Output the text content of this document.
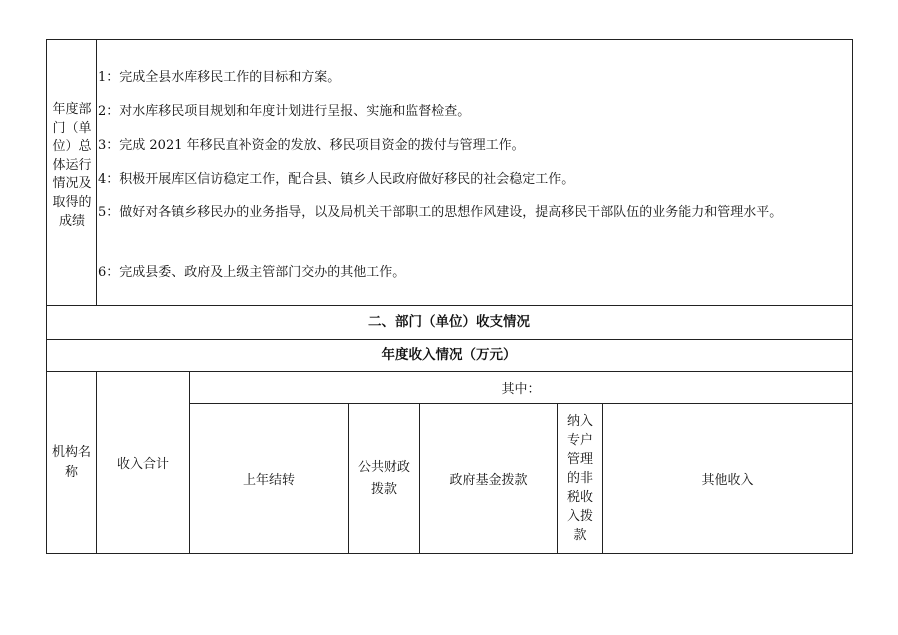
年度部门（单位）总体运行情况及取得的成绩
1：完成全县水库移民工作的目标和方案。
2：对水库移民项目规划和年度计划进行呈报、实施和监督检查。
3：完成 2021 年移民直补资金的发放、移民项目资金的拨付与管理工作。
4：积极开展库区信访稳定工作，配合县、镇乡人民政府做好移民的社会稳定工作。
5：做好对各镇乡移民办的业务指导，以及局机关干部职工的思想作风建设，提高移民干部队伍的业务能力和管理水平。
6：完成县委、政府及上级主管部门交办的其他工作。
二、部门（单位）收支情况
年度收入情况（万元）
机构名称	收入合计
其中：
上年结转
公共财政拨款
政府基金拨款
纳入专户管理的非税收入拨款
其他收入
